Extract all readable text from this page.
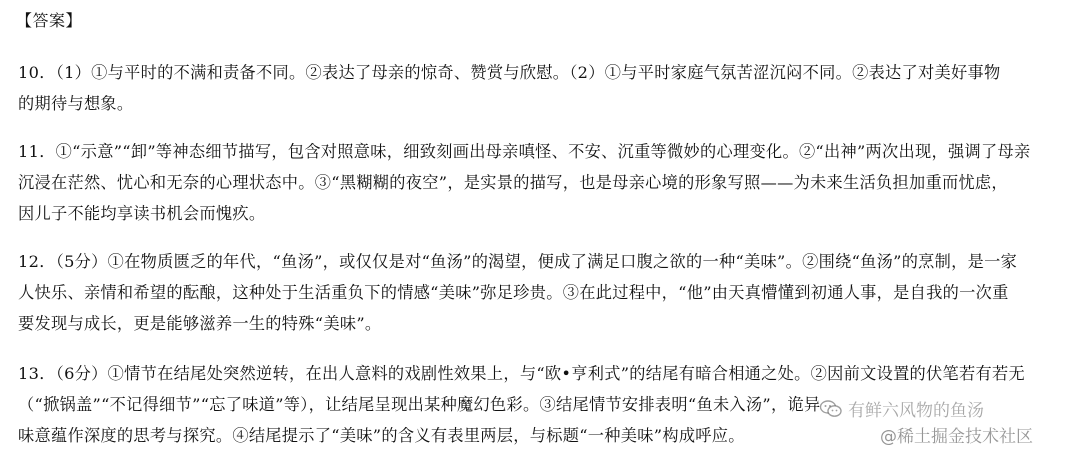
【答案】
10．（1）①与平时的不满和责备不同。②表达了母亲的惊奇、赞赏与欣慰。（2）①与平时家庭气氛苦涩沉闷不同。②表达了对美好事物
的期待与想象。
11．①“示意”“卸”等神态细节描写，包含对照意味，细致刻画出母亲嗔怪、不安、沉重等微妙的心理变化。②“出神”两次出现，强调了母亲
沉浸在茫然、忧心和无奈的心理状态中。③“黑糊糊的夜空”，是实景的描写，也是母亲心境的形象写照——为未来生活负担加重而忧虑，
因儿子不能均享读书机会而愧疚。
12．（5分）①在物质匮乏的年代，“鱼汤”，或仅仅是对“鱼汤”的渴望，便成了满足口腹之欲的一种“美味”。②围绕“鱼汤”的烹制，是一家
人快乐、亲情和希望的酝酿，这种处于生活重负下的情感“美味”弥足珍贵。③在此过程中，“他”由天真懵懂到初通人事，是自我的一次重
要发现与成长，更是能够滋养一生的特殊“美味”。
13．（6分）①情节在结尾处突然逆转，在出人意料的戏剧性效果上，与“欧•亨利式”的结尾有暗合相通之处。②因前文设置的伏笔若有若无
（“掀锅盖”“不记得细节”“忘了味道”等），让结尾呈现出某种魔幻色彩。③结尾情节安排表明“鱼未入汤”，诡异
味意蕴作深度的思考与探究。④结尾提示了“美味”的含义有表里两层，与标题“一种美味”构成呼应。
有鲜六风物的鱼汤
@稀土掘金技术社区
